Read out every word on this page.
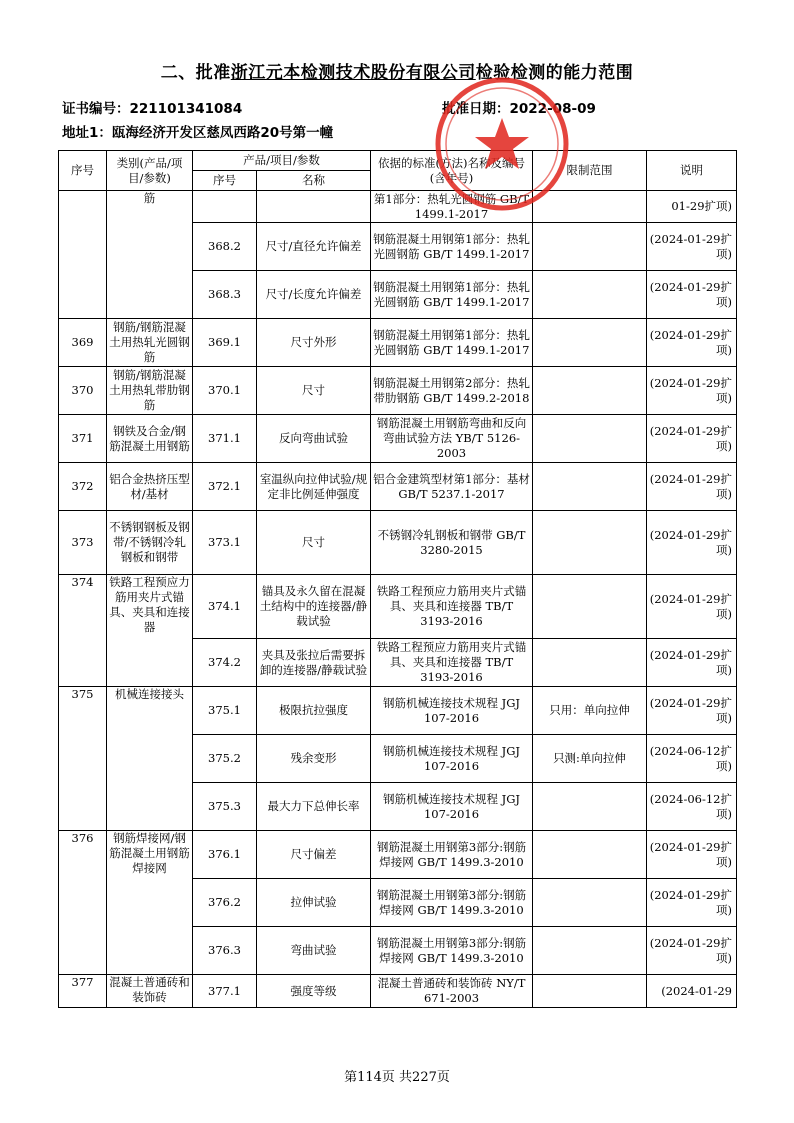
二、批准浙江元本检测技术股份有限公司检验检测的能力范围
证书编号：221101341084	批准日期：2022-08-09
地址1：瓯海经济开发区慈凤西路20号第一幢
序号	类别(产品/项目/参数)	产品/项目/参数		依据的标准(方法)名称及编号(含年号)	限制范围	说明
		序号	名称			
	筋			第1部分：热轧光圆钢筋 GB/T 1499.1-2017		01-29扩项)
		368.2	尺寸/直径允许偏差	钢筋混凝土用钢第1部分：热轧光圆钢筋 GB/T 1499.1-2017		(2024-01-29扩项)
		368.3	尺寸/长度允许偏差	钢筋混凝土用钢第1部分：热轧光圆钢筋 GB/T 1499.1-2017		(2024-01-29扩项)
369	钢筋/钢筋混凝土用热轧光圆钢筋	369.1	尺寸外形	钢筋混凝土用钢第1部分：热轧光圆钢筋 GB/T 1499.1-2017		(2024-01-29扩项)
370	钢筋/钢筋混凝土用热轧带肋钢筋	370.1	尺寸	钢筋混凝土用钢第2部分：热轧带肋钢筋 GB/T 1499.2-2018		(2024-01-29扩项)
371	钢铁及合金/钢筋混凝土用钢筋	371.1	反向弯曲试验	钢筋混凝土用钢筋弯曲和反向弯曲试验方法 YB/T 5126-2003		(2024-01-29扩项)
372	铝合金热挤压型材/基材	372.1	室温纵向拉伸试验/规定非比例延伸强度	铝合金建筑型材第1部分：基材 GB/T 5237.1-2017		(2024-01-29扩项)
373	不锈钢钢板及钢带/不锈钢冷轧钢板和钢带	373.1	尺寸	不锈钢冷轧钢板和钢带 GB/T 3280-2015		(2024-01-29扩项)
374	铁路工程预应力筋用夹片式锚具、夹具和连接器	374.1	锚具及永久留在混凝土结构中的连接器/静载试验	铁路工程预应力筋用夹片式锚具、夹具和连接器 TB/T 3193-2016		(2024-01-29扩项)
		374.2	夹具及张拉后需要拆卸的连接器/静载试验	铁路工程预应力筋用夹片式锚具、夹具和连接器 TB/T 3193-2016		(2024-01-29扩项)
375	机械连接接头	375.1	极限抗拉强度	钢筋机械连接技术规程 JGJ 107-2016	只用：单向拉伸	(2024-01-29扩项)
		375.2	残余变形	钢筋机械连接技术规程 JGJ 107-2016	只测:单向拉伸	(2024-06-12扩项)
		375.3	最大力下总伸长率	钢筋机械连接技术规程 JGJ 107-2016		(2024-06-12扩项)
376	钢筋焊接网/钢筋混凝土用钢筋焊接网	376.1	尺寸偏差	钢筋混凝土用钢第3部分:钢筋焊接网 GB/T 1499.3-2010		(2024-01-29扩项)
		376.2	拉伸试验	钢筋混凝土用钢第3部分:钢筋焊接网 GB/T 1499.3-2010		(2024-01-29扩项)
		376.3	弯曲试验	钢筋混凝土用钢第3部分:钢筋焊接网 GB/T 1499.3-2010		(2024-01-29扩项)
377	混凝土普通砖和装饰砖	377.1	强度等级	混凝土普通砖和装饰砖 NY/T 671-2003		(2024-01-29
第114页 共227页
